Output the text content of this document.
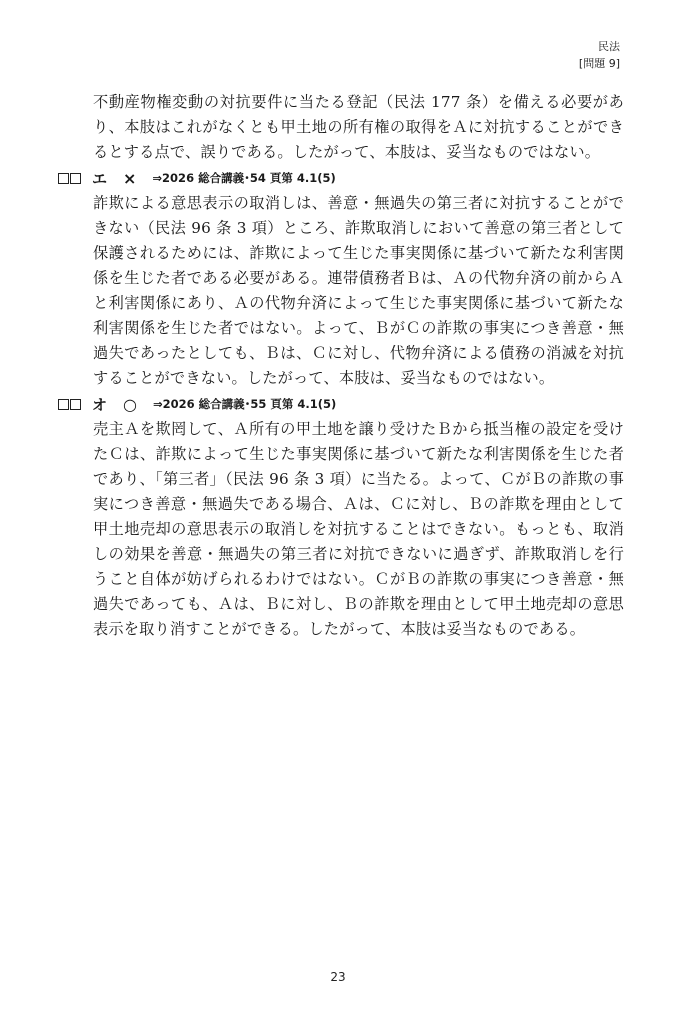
民法
[問題 9]

不動産物権変動の対抗要件に当たる登記（民法 177 条）を備える必要があり、本肢はこれがなくとも甲土地の所有権の取得をＡに対抗することができるとする点で、誤りである。したがって、本肢は、妥当なものではない。

エ × ⇒2026 総合講義･54 頁第 4.1(5)

詐欺による意思表示の取消しは、善意・無過失の第三者に対抗することができない（民法 96 条 3 項）ところ、詐欺取消しにおいて善意の第三者として保護されるためには、詐欺によって生じた事実関係に基づいて新たな利害関係を生じた者である必要がある。連帯債務者Ｂは、Ａの代物弁済の前からＡと利害関係にあり、Ａの代物弁済によって生じた事実関係に基づいて新たな利害関係を生じた者ではない。よって、ＢがＣの詐欺の事実につき善意・無過失であったとしても、Ｂは、Ｃに対し、代物弁済による債務の消滅を対抗することができない。したがって、本肢は、妥当なものではない。

オ ○ ⇒2026 総合講義･55 頁第 4.1(5)

売主Ａを欺罔して、Ａ所有の甲土地を譲り受けたＢから抵当権の設定を受けたＣは、詐欺によって生じた事実関係に基づいて新たな利害関係を生じた者であり、「第三者」（民法 96 条 3 項）に当たる。よって、ＣがＢの詐欺の事実につき善意・無過失である場合、Ａは、Ｃに対し、Ｂの詐欺を理由として甲土地売却の意思表示の取消しを対抗することはできない。もっとも、取消しの効果を善意・無過失の第三者に対抗できないに過ぎず、詐欺取消しを行うこと自体が妨げられるわけではない。ＣがＢの詐欺の事実につき善意・無過失であっても、Ａは、Ｂに対し、Ｂの詐欺を理由として甲土地売却の意思表示を取り消すことができる。したがって、本肢は妥当なものである。

23
